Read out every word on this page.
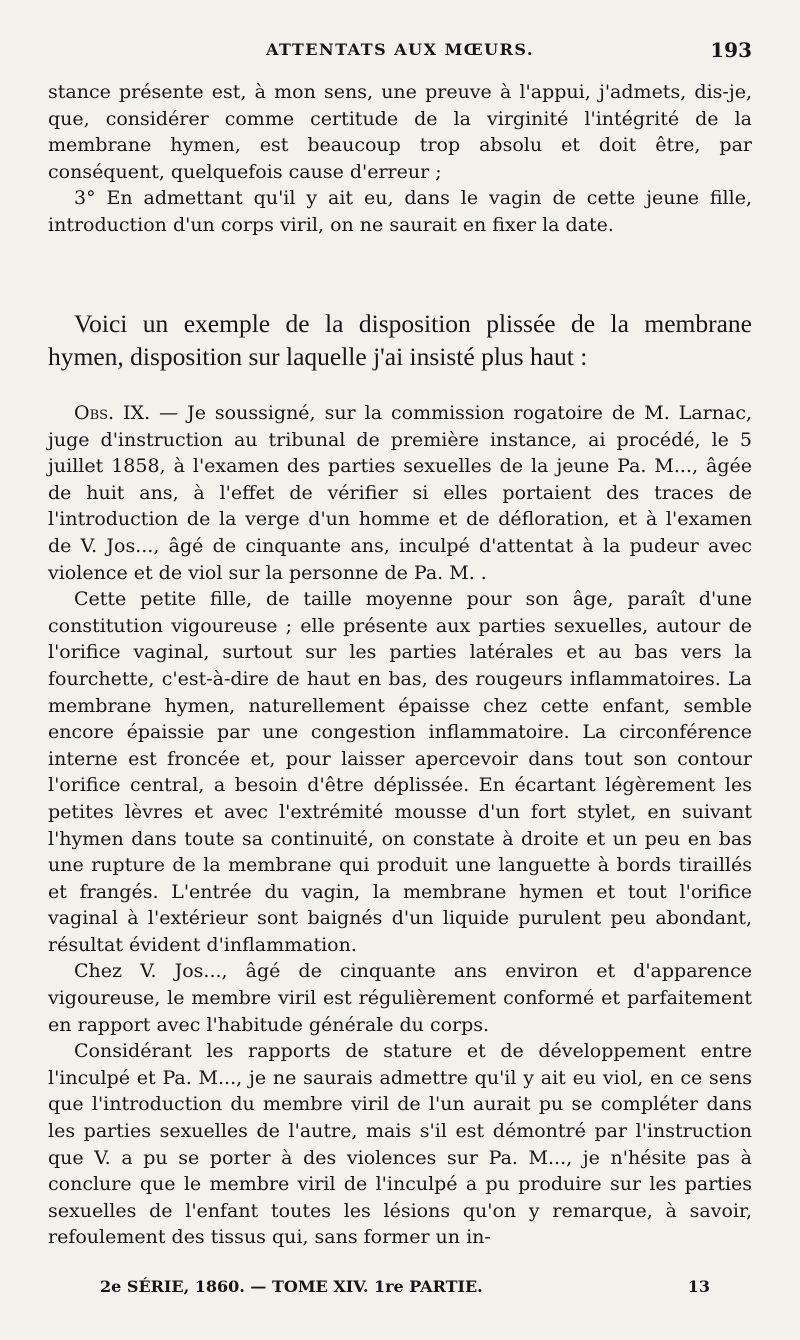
ATTENTATS AUX MŒURS.	193

stance présente est, à mon sens, une preuve à l'appui, j'admets, dis-je, que, considérer comme certitude de la virginité l'intégrité de la membrane hymen, est beaucoup trop absolu et doit être, par conséquent, quelquefois cause d'erreur ;

3° En admettant qu'il y ait eu, dans le vagin de cette jeune fille, introduction d'un corps viril, on ne saurait en fixer la date.

Voici un exemple de la disposition plissée de la membrane hymen, disposition sur laquelle j'ai insisté plus haut :

Obs. IX. — Je soussigné, sur la commission rogatoire de M. Larnac, juge d'instruction au tribunal de première instance, ai procédé, le 5 juillet 1858, à l'examen des parties sexuelles de la jeune Pa. M..., âgée de huit ans, à l'effet de vérifier si elles portaient des traces de l'introduction de la verge d'un homme et de défloration, et à l'examen de V. Jos..., âgé de cinquante ans, inculpé d'attentat à la pudeur avec violence et de viol sur la personne de Pa. M. .

Cette petite fille, de taille moyenne pour son âge, paraît d'une constitution vigoureuse ; elle présente aux parties sexuelles, autour de l'orifice vaginal, surtout sur les parties latérales et au bas vers la fourchette, c'est-à-dire de haut en bas, des rougeurs inflammatoires. La membrane hymen, naturellement épaisse chez cette enfant, semble encore épaissie par une congestion inflammatoire. La circonférence interne est froncée et, pour laisser apercevoir dans tout son contour l'orifice central, a besoin d'être déplissée. En écartant légèrement les petites lèvres et avec l'extrémité mousse d'un fort stylet, en suivant l'hymen dans toute sa continuité, on constate à droite et un peu en bas une rupture de la membrane qui produit une languette à bords tiraillés et frangés. L'entrée du vagin, la membrane hymen et tout l'orifice vaginal à l'extérieur sont baignés d'un liquide purulent peu abondant, résultat évident d'inflammation.

Chez V. Jos..., âgé de cinquante ans environ et d'apparence vigoureuse, le membre viril est régulièrement conformé et parfaitement en rapport avec l'habitude générale du corps.

Considérant les rapports de stature et de développement entre l'inculpé et Pa. M..., je ne saurais admettre qu'il y ait eu viol, en ce sens que l'introduction du membre viril de l'un aurait pu se compléter dans les parties sexuelles de l'autre, mais s'il est démontré par l'instruction que V. a pu se porter à des violences sur Pa. M..., je n'hésite pas à conclure que le membre viril de l'inculpé a pu produire sur les parties sexuelles de l'enfant toutes les lésions qu'on y remarque, à savoir, refoulement des tissus qui, sans former un in-

2e SÉRIE, 1860. — TOME XIV. 1re PARTIE.	13
